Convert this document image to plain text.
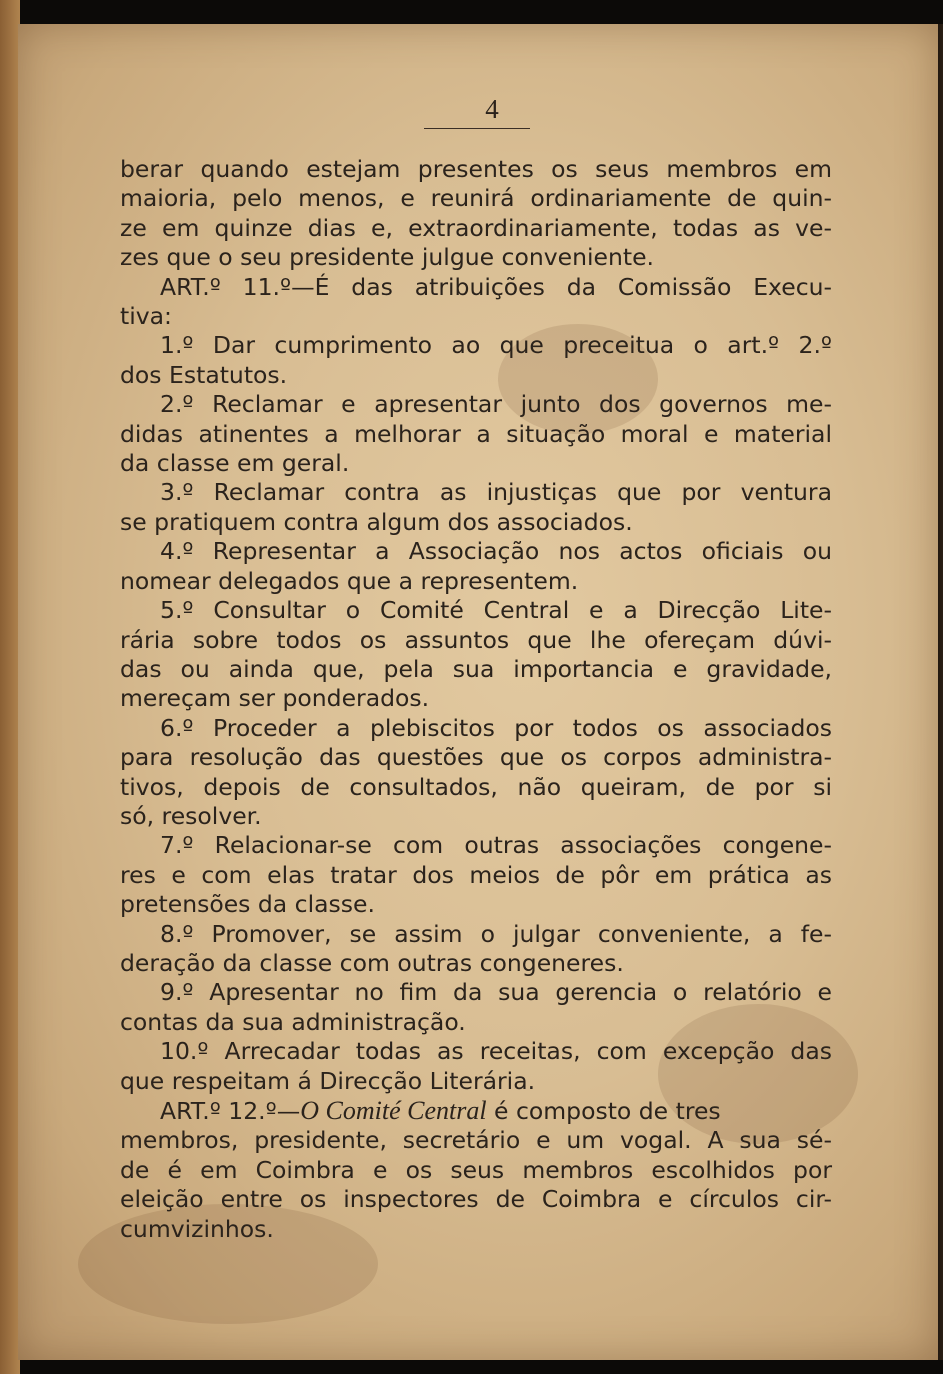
4

berar quando estejam presentes os seus membros em
maioria, pelo menos, e reunirá ordinariamente de quin-
ze em quinze dias e, extraordinariamente, todas as ve-
zes que o seu presidente julgue conveniente.

ART.º 11.º—É das atribuições da Comissão Execu-
tiva:

1.º Dar cumprimento ao que preceitua o art.º 2.º
dos Estatutos.

2.º Reclamar e apresentar junto dos governos me-
didas atinentes a melhorar a situação moral e material
da classe em geral.

3.º Reclamar contra as injustiças que por ventura
se pratiquem contra algum dos associados.

4.º Representar a Associação nos actos oficiais ou
nomear delegados que a representem.

5.º Consultar o Comité Central e a Direcção Lite-
rária sobre todos os assuntos que lhe ofereçam dúvi-
das ou ainda que, pela sua importancia e gravidade,
mereçam ser ponderados.

6.º Proceder a plebiscitos por todos os associados
para resolução das questões que os corpos administra-
tivos, depois de consultados, não queiram, de por si
só, resolver.

7.º Relacionar-se com outras associações congene-
res e com elas tratar dos meios de pôr em prática as
pretensões da classe.

8.º Promover, se assim o julgar conveniente, a fe-
deração da classe com outras congeneres.

9.º Apresentar no fim da sua gerencia o relatório e
contas da sua administração.

10.º Arrecadar todas as receitas, com excepção das
que respeitam á Direcção Literária.

ART.º 12.º—O Comité Central é composto de tres
membros, presidente, secretário e um vogal. A sua sé-
de é em Coimbra e os seus membros escolhidos por
eleição entre os inspectores de Coimbra e círculos cir-
cumvizinhos.
